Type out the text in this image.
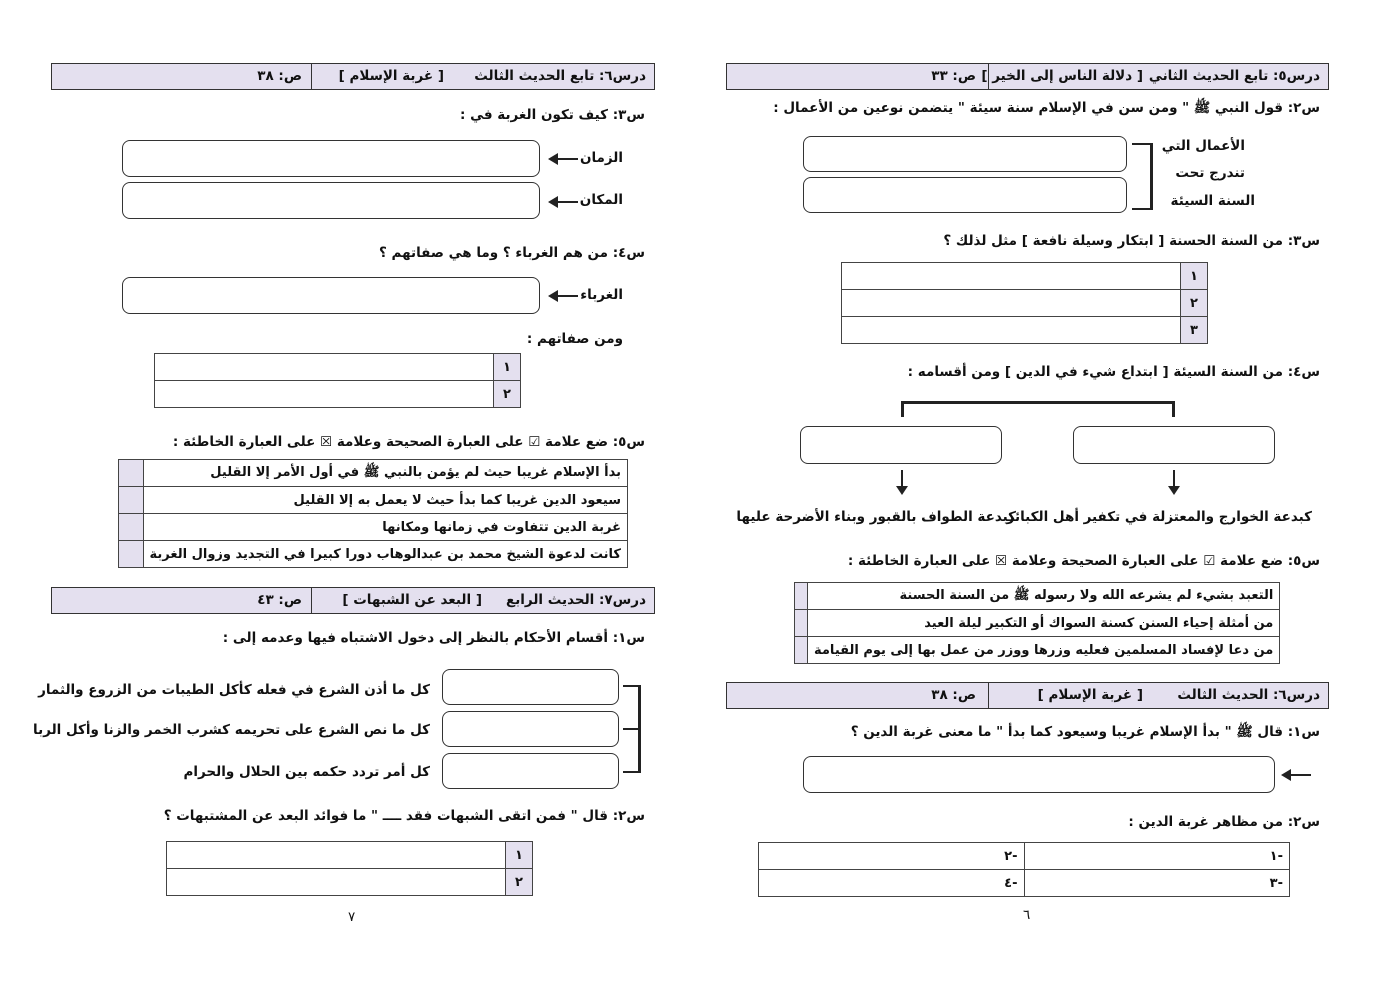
درس٦: تابع الحديث الثالث
[ غربة الإسلام ]
ص: ٣٨
س٣: كيف تكون الغربة في :
الزمان
المكان
س٤: من هم الغرباء ؟ وما هي صفاتهم ؟
الغرباء
ومن صفاتهم :
١	
٢	
س٥: ضع علامة ☑ على العبارة الصحيحة وعلامة ☒ على العبارة الخاطئة :
بدأ الإسلام غريبا حيث لم يؤمن بالنبي ﷺ في أول الأمر إلا القليل	
سيعود الدين غريبا كما بدأ حيث لا يعمل به إلا القليل	
غربة الدين تتفاوت في زمانها ومكانها	
كانت لدعوة الشيخ محمد بن عبدالوهاب دورا كبيرا في التجديد وزوال الغربة	
درس٧: الحديث الرابع
[ البعد عن الشبهات ]
ص: ٤٣
س١: أقسام الأحكام بالنظر إلى دخول الاشتباه فيها وعدمه إلى :
كل ما أذن الشرع في فعله كأكل الطيبات من الزروع والثمار
كل ما نص الشرع على تحريمه كشرب الخمر والزنا وأكل الربا
كل أمر تردد حكمه بين الحلال والحرام
س٢: قال " فمن اتقى الشبهات فقد ــــ " ما فوائد البعد عن المشتبهات ؟
١	
٢	
٧
درس٥: تابع الحديث الثاني
[ دلالة الناس إلى الخير ]
ص: ٣٣
س٢: قول النبي ﷺ " ومن سن في الإسلام سنة سيئة " يتضمن نوعين من الأعمال :
الأعمال التي
تندرج تحت
السنة السيئة
س٣: من السنة الحسنة [ ابتكار وسيلة نافعة ] مثل لذلك ؟
١	
٢	
٣	
س٤: من السنة السيئة [ ابتداع شيء في الدين ] ومن أقسامه :
كبدعة الخوارج والمعتزلة في تكفير أهل الكبائر
كبدعة الطواف بالقبور وبناء الأضرحة عليها
س٥: ضع علامة ☑ على العبارة الصحيحة وعلامة ☒ على العبارة الخاطئة :
التعبد بشيء لم يشرعه الله ولا رسوله ﷺ من السنة الحسنة	
من أمثلة إحياء السنن كسنة السواك أو التكبير ليلة العيد	
من دعا لإفساد المسلمين فعليه وزرها ووزر من عمل بها إلى يوم القيامة	
درس٦: الحديث الثالث
[ غربة الإسلام ]
ص: ٣٨
س١: قال ﷺ " بدأ الإسلام غريبا وسيعود كما بدأ " ما معنى غربة الدين ؟
س٢: من مظاهر غربة الدين :
-١	-٢
-٣	-٤
٦
